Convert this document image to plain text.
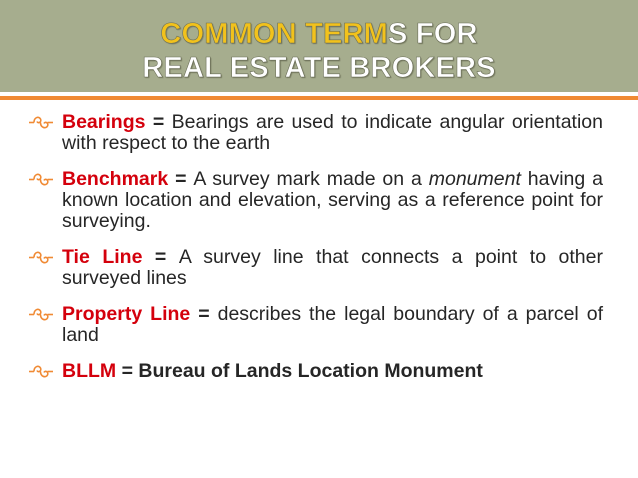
COMMON TERMS FOR
REAL ESTATE BROKERS
Bearings = Bearings are used to indicate angular orientation with respect to the earth
Benchmark = A survey mark made on a monument having a known location and elevation, serving as a reference point for surveying.
Tie Line = A survey line that connects a point to other surveyed lines
Property Line = describes the legal boundary of a parcel of land
BLLM = Bureau of Lands Location Monument
